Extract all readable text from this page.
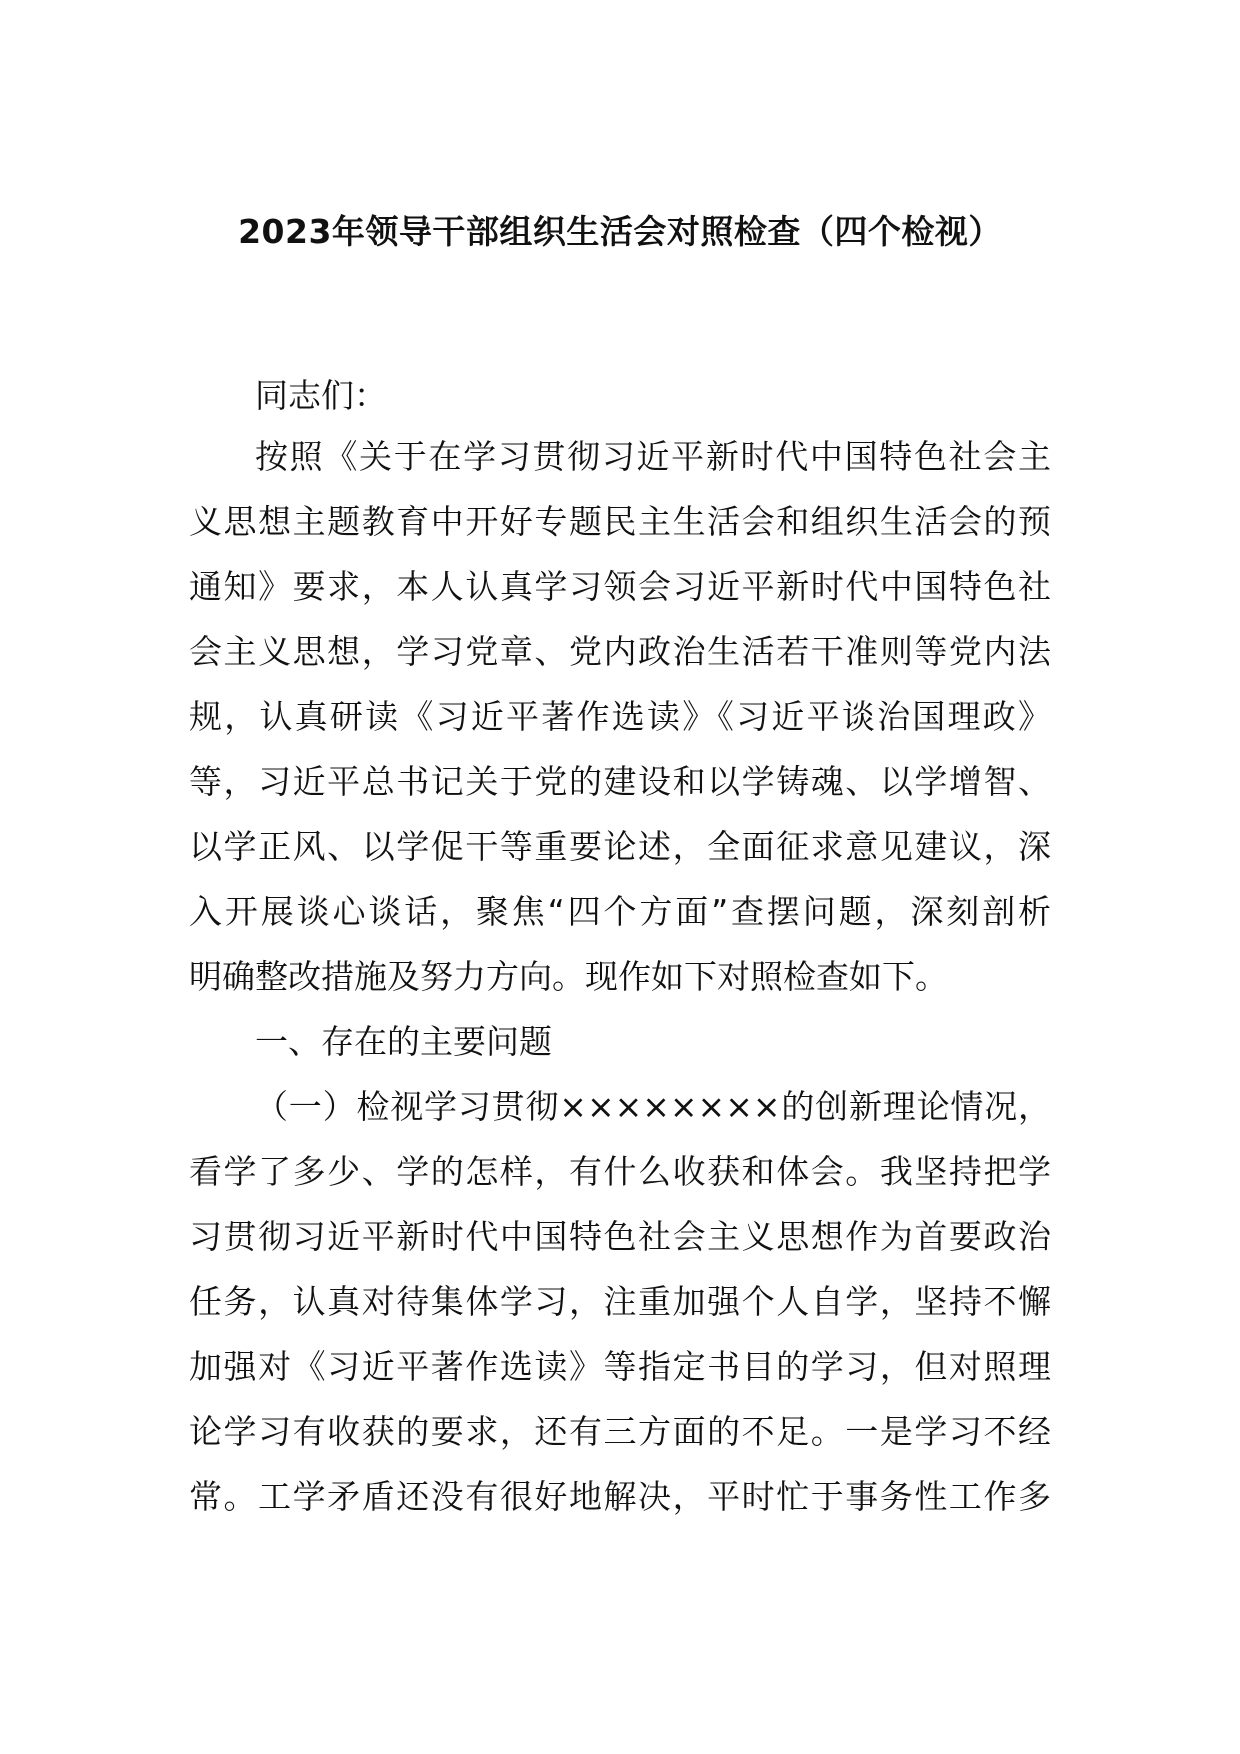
2023年领导干部组织生活会对照检查（四个检视）
同志们：
按照《关于在学习贯彻习近平新时代中国特色社会主
义思想主题教育中开好专题民主生活会和组织生活会的预
通知》要求，本人认真学习领会习近平新时代中国特色社
会主义思想，学习党章、党内政治生活若干准则等党内法
规，认真研读《习近平著作选读》《习近平谈治国理政》
等，习近平总书记关于党的建设和以学铸魂、以学增智、
以学正风、以学促干等重要论述，全面征求意见建议，深
入开展谈心谈话，聚焦“四个方面”查摆问题，深刻剖析
明确整改措施及努力方向。现作如下对照检查如下。
一、存在的主要问题
（一）检视学习贯彻××××××××的创新理论情况，
看学了多少、学的怎样，有什么收获和体会。我坚持把学
习贯彻习近平新时代中国特色社会主义思想作为首要政治
任务，认真对待集体学习，注重加强个人自学，坚持不懈
加强对《习近平著作选读》等指定书目的学习，但对照理
论学习有收获的要求，还有三方面的不足。一是学习不经
常。工学矛盾还没有很好地解决，平时忙于事务性工作多
